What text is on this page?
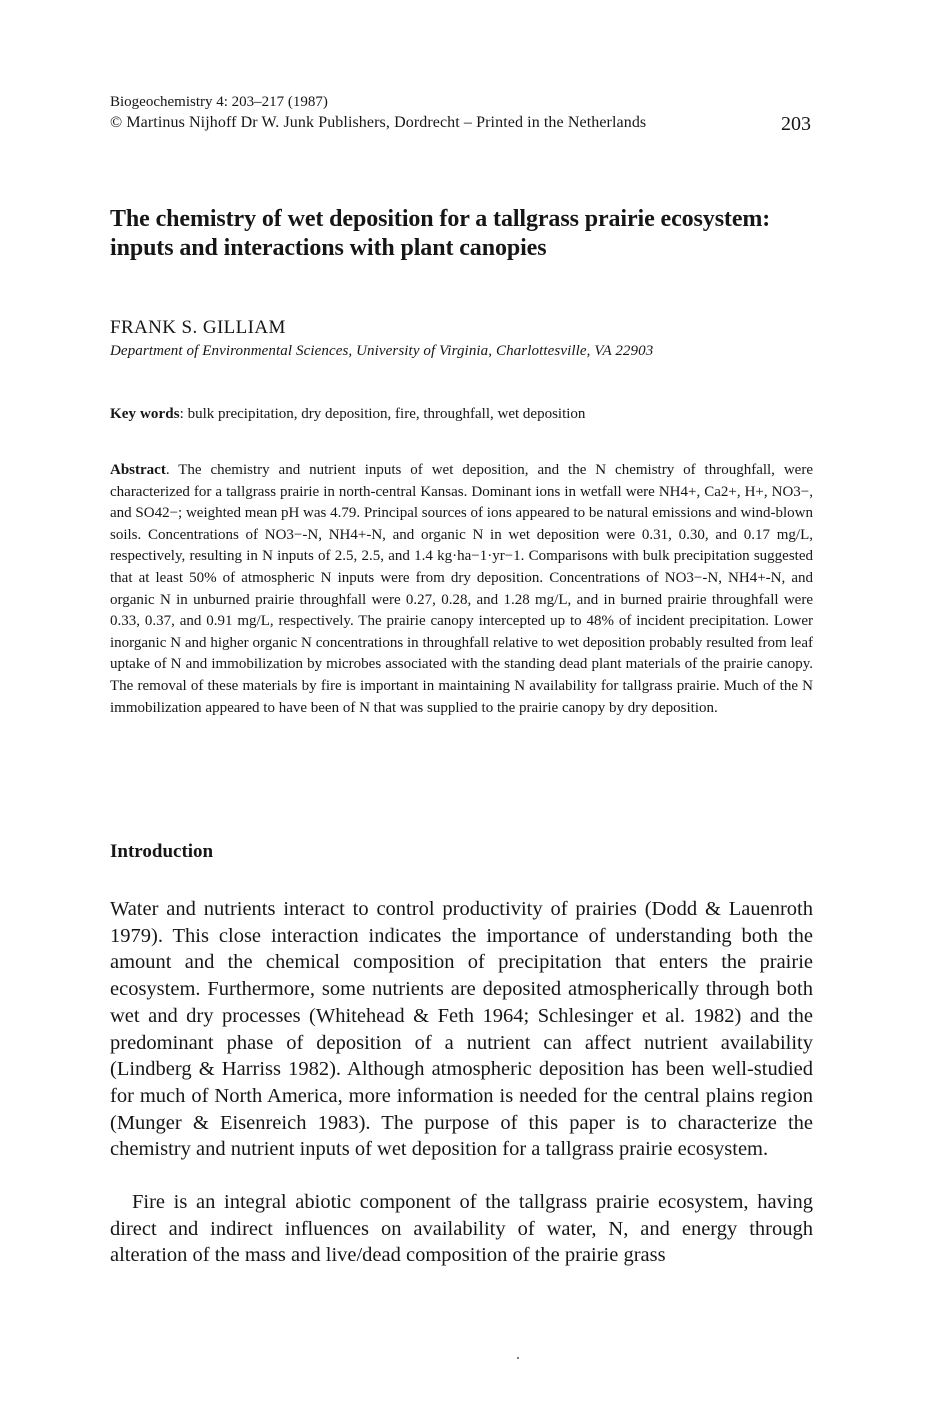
Biogeochemistry 4: 203–217 (1987)
© Martinus Nijhoff Dr W. Junk Publishers, Dordrecht – Printed in the Netherlands	203
The chemistry of wet deposition for a tallgrass prairie ecosystem: inputs and interactions with plant canopies
FRANK S. GILLIAM
Department of Environmental Sciences, University of Virginia, Charlottesville, VA 22903
Key words: bulk precipitation, dry deposition, fire, throughfall, wet deposition
Abstract. The chemistry and nutrient inputs of wet deposition, and the N chemistry of throughfall, were characterized for a tallgrass prairie in north-central Kansas. Dominant ions in wetfall were NH4+, Ca2+, H+, NO3−, and SO42−; weighted mean pH was 4.79. Principal sources of ions appeared to be natural emissions and wind-blown soils. Concentrations of NO3−-N, NH4+-N, and organic N in wet deposition were 0.31, 0.30, and 0.17 mg/L, respectively, resulting in N inputs of 2.5, 2.5, and 1.4 kg·ha−1·yr−1. Comparisons with bulk precipitation suggested that at least 50% of atmospheric N inputs were from dry deposition. Concentrations of NO3−-N, NH4+-N, and organic N in unburned prairie throughfall were 0.27, 0.28, and 1.28 mg/L, and in burned prairie throughfall were 0.33, 0.37, and 0.91 mg/L, respectively. The prairie canopy intercepted up to 48% of incident precipitation. Lower inorganic N and higher organic N concentrations in throughfall relative to wet deposition probably resulted from leaf uptake of N and immobilization by microbes associated with the standing dead plant materials of the prairie canopy. The removal of these materials by fire is important in maintaining N availability for tallgrass prairie. Much of the N immobilization appeared to have been of N that was supplied to the prairie canopy by dry deposition.
Introduction
Water and nutrients interact to control productivity of prairies (Dodd & Lauenroth 1979). This close interaction indicates the importance of understanding both the amount and the chemical composition of precipitation that enters the prairie ecosystem. Furthermore, some nutrients are deposited atmospherically through both wet and dry processes (Whitehead & Feth 1964; Schlesinger et al. 1982) and the predominant phase of deposition of a nutrient can affect nutrient availability (Lindberg & Harriss 1982). Although atmospheric deposition has been well-studied for much of North America, more information is needed for the central plains region (Munger & Eisenreich 1983). The purpose of this paper is to characterize the chemistry and nutrient inputs of wet deposition for a tallgrass prairie ecosystem.
Fire is an integral abiotic component of the tallgrass prairie ecosystem, having direct and indirect influences on availability of water, N, and energy through alteration of the mass and live/dead composition of the prairie grass
